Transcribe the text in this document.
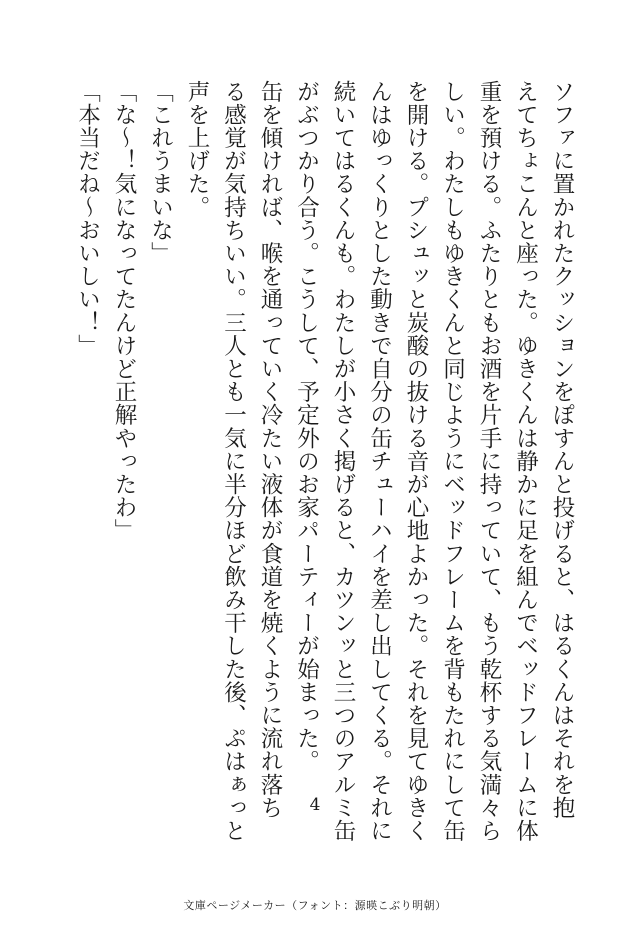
ソファに置かれたクッションをぽすんと投げると、はるくんはそれを抱
えてちょこんと座った。ゆきくんは静かに足を組んでベッドフレームに体
重を預ける。ふたりともお酒を片手に持っていて、もう乾杯する気満々ら
しい。わたしもゆきくんと同じようにベッドフレームを背もたれにして缶
を開ける。プシュッと炭酸の抜ける音が心地よかった。それを見てゆきく
んはゆっくりとした動きで自分の缶チューハイを差し出してくる。それに
続いてはるくんも。わたしが小さく掲げると、カツンッと三つのアルミ缶
がぶつかり合う。こうして、予定外のお家パーティーが始まった。
缶を傾ければ、喉を通っていく冷たい液体が食道を焼くように流れ落ち
る感覚が気持ちいい。三人とも一気に半分ほど飲み干した後、ぷはぁっと
声を上げた。
「これうまいな」
「な〜！気になってたんけど正解やったわ」
「本当だね〜おいしい！」
4
文庫ページメーカー（フォント：源暎こぶり明朝）
